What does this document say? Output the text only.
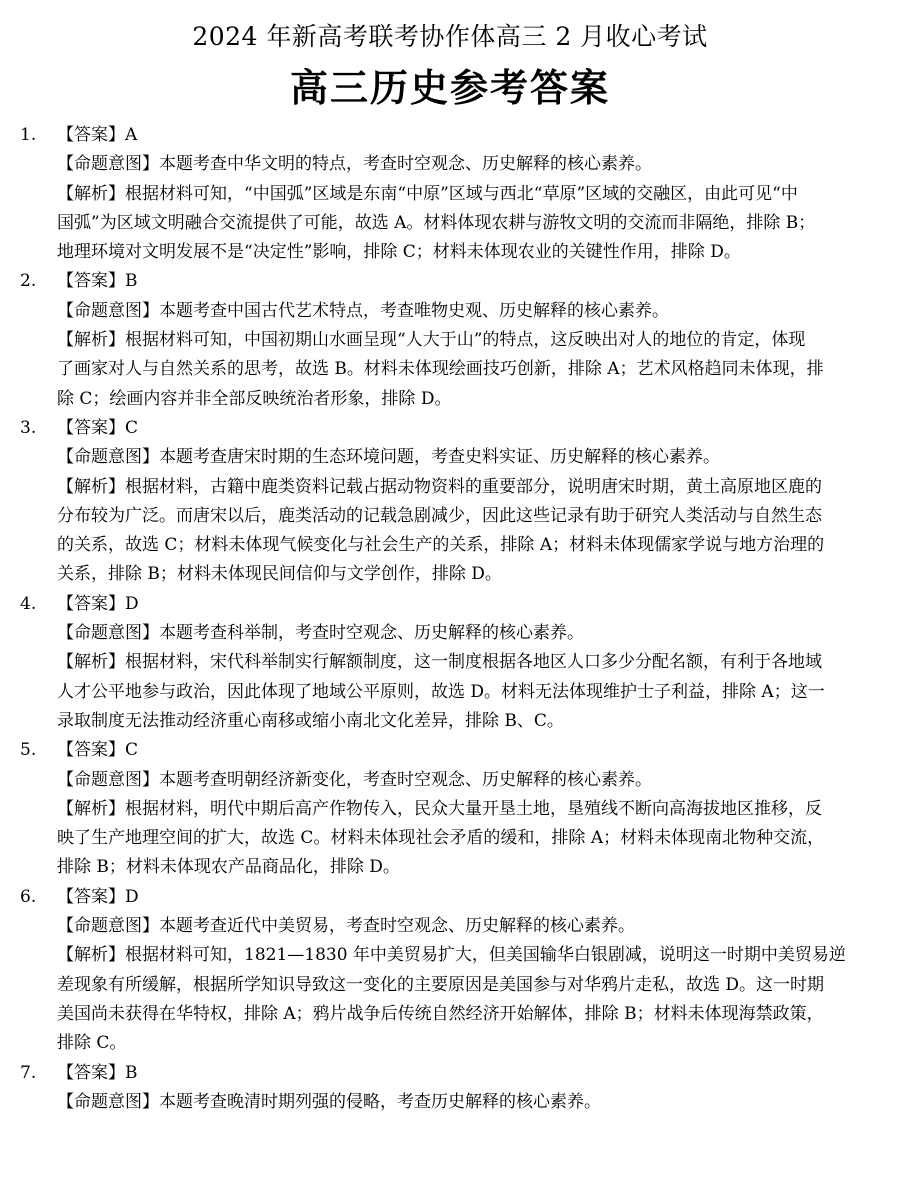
2024 年新高考联考协作体高三 2 月收心考试
高三历史参考答案
1.	【答案】A
【命题意图】本题考查中华文明的特点，考查时空观念、历史解释的核心素养。
【解析】根据材料可知，“中国弧”区域是东南“中原”区域与西北“草原”区域的交融区，由此可见“中
国弧”为区域文明融合交流提供了可能，故选 A。材料体现农耕与游牧文明的交流而非隔绝，排除 B；
地理环境对文明发展不是“决定性”影响，排除 C；材料未体现农业的关键性作用，排除 D。
2.	【答案】B
【命题意图】本题考查中国古代艺术特点，考查唯物史观、历史解释的核心素养。
【解析】根据材料可知，中国初期山水画呈现“人大于山”的特点，这反映出对人的地位的肯定，体现
了画家对人与自然关系的思考，故选 B。材料未体现绘画技巧创新，排除 A；艺术风格趋同未体现，排
除 C；绘画内容并非全部反映统治者形象，排除 D。
3.	【答案】C
【命题意图】本题考查唐宋时期的生态环境问题，考查史料实证、历史解释的核心素养。
【解析】根据材料，古籍中鹿类资料记载占据动物资料的重要部分，说明唐宋时期，黄土高原地区鹿的
分布较为广泛。而唐宋以后，鹿类活动的记载急剧减少，因此这些记录有助于研究人类活动与自然生态
的关系，故选 C；材料未体现气候变化与社会生产的关系，排除 A；材料未体现儒家学说与地方治理的
关系，排除 B；材料未体现民间信仰与文学创作，排除 D。
4.	【答案】D
【命题意图】本题考查科举制，考查时空观念、历史解释的核心素养。
【解析】根据材料，宋代科举制实行解额制度，这一制度根据各地区人口多少分配名额，有利于各地域
人才公平地参与政治，因此体现了地域公平原则，故选 D。材料无法体现维护士子利益，排除 A；这一
录取制度无法推动经济重心南移或缩小南北文化差异，排除 B、C。
5.	【答案】C
【命题意图】本题考查明朝经济新变化，考查时空观念、历史解释的核心素养。
【解析】根据材料，明代中期后高产作物传入，民众大量开垦土地，垦殖线不断向高海拔地区推移，反
映了生产地理空间的扩大，故选 C。材料未体现社会矛盾的缓和，排除 A；材料未体现南北物种交流，
排除 B；材料未体现农产品商品化，排除 D。
6.	【答案】D
【命题意图】本题考查近代中美贸易，考查时空观念、历史解释的核心素养。
【解析】根据材料可知，1821—1830 年中美贸易扩大，但美国输华白银剧减，说明这一时期中美贸易逆
差现象有所缓解，根据所学知识导致这一变化的主要原因是美国参与对华鸦片走私，故选 D。这一时期
美国尚未获得在华特权，排除 A；鸦片战争后传统自然经济开始解体，排除 B；材料未体现海禁政策，
排除 C。
7.	【答案】B
【命题意图】本题考查晚清时期列强的侵略，考查历史解释的核心素养。
